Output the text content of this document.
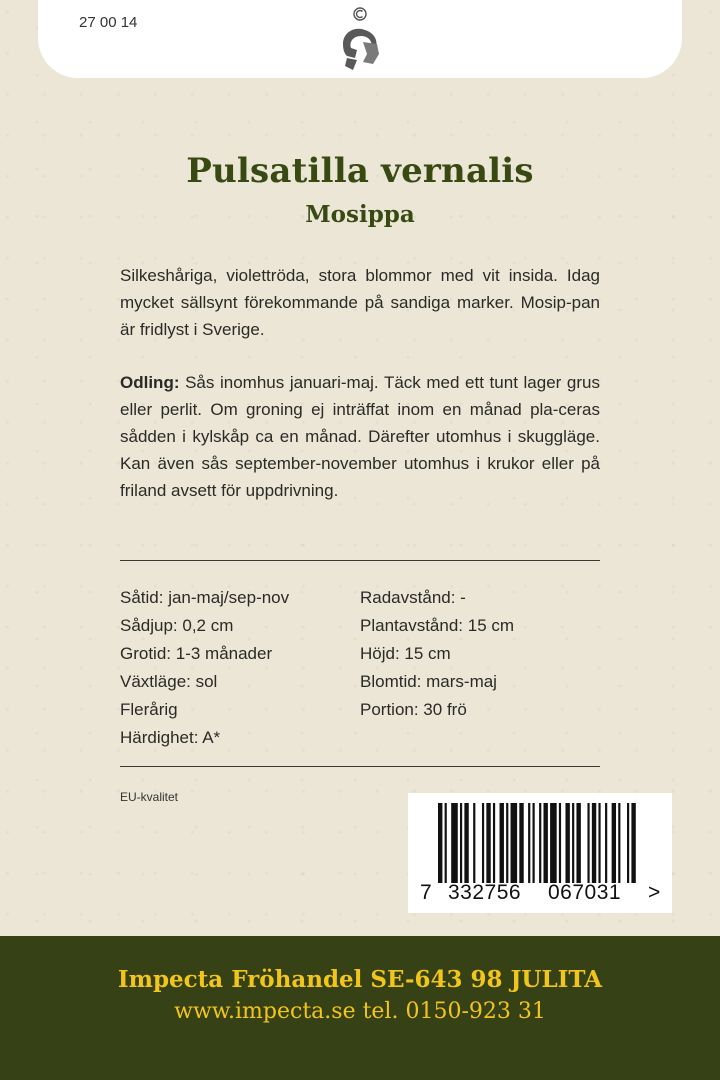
27 00 14
Pulsatilla vernalis
Mosippa
Silkeshåriga, violettröda, stora blommor med vit insida. Idag mycket sällsynt förekommande på sandiga marker. Mosip-pan är fridlyst i Sverige.
Odling: Sås inomhus januari-maj. Täck med ett tunt lager grus eller perlit. Om groning ej inträffat inom en månad pla-ceras sådden i kylskåp ca en månad. Därefter utomhus i skuggläge. Kan även sås september-november utomhus i krukor eller på friland avsett för uppdrivning.
Såtid: jan-maj/sep-nov
Sådjup: 0,2 cm
Grotid: 1-3 månader
Växtläge: sol
Flerårig
Härdighet: A*
Radavstånd: -
Plantavstånd: 15 cm
Höjd: 15 cm
Blomtid: mars-maj
Portion: 30 frö
EU-kvalitet
7 332756 067031 >
Impecta Fröhandel SE-643 98 JULITA
www.impecta.se tel. 0150-923 31
